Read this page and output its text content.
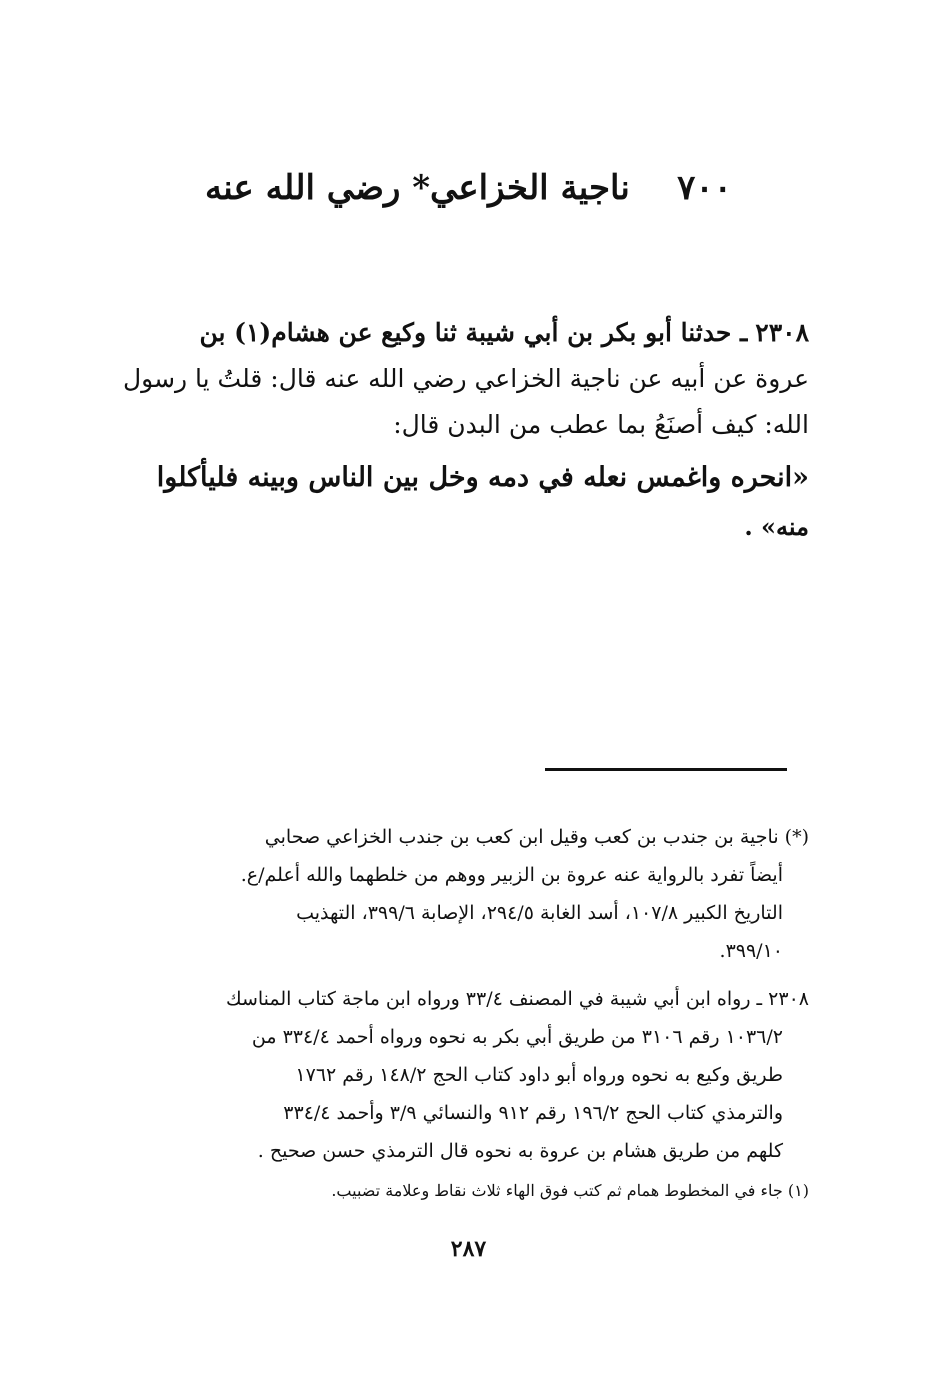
٧٠٠    ناجية الخزاعي* رضي الله عنه

٢٣٠٨ ـ حدثنا أبو بكر بن أبي شيبة ثنا وكيع عن هشام(١) بن

عروة عن أبيه عن ناجية الخزاعي رضي الله عنه قال: قلتُ يا رسول

الله: كيف أصنَعُ بما عطب من البدن قال:

«انحره واغمس نعله في دمه وخل بين الناس وبينه فليأكلوا

منه» .

(*) ناجية بن جندب بن كعب وقيل ابن كعب بن جندب الخزاعي صحابي
أيضاً تفرد بالرواية عنه عروة بن الزبير ووهم من خلطهما والله أعلم/ع.
التاريخ الكبير ١٠٧/٨، أسد الغابة ٢٩٤/٥، الإصابة ٣٩٩/٦، التهذيب
٣٩٩/١٠.
٢٣٠٨ ـ رواه ابن أبي شيبة في المصنف ٣٣/٤ ورواه ابن ماجة كتاب المناسك
١٠٣٦/٢ رقم ٣١٠٦ من طريق أبي بكر به نحوه ورواه أحمد ٣٣٤/٤ من
طريق وكيع به نحوه ورواه أبو داود كتاب الحج ١٤٨/٢ رقم ١٧٦٢
والترمذي كتاب الحج ١٩٦/٢ رقم ٩١٢ والنسائي ٣/٩ وأحمد ٣٣٤/٤
كلهم من طريق هشام بن عروة به نحوه قال الترمذي حسن صحيح .
(١) جاء في المخطوط همام ثم كتب فوق الهاء ثلاث نقاط وعلامة تضبيب.
٢٨٧
